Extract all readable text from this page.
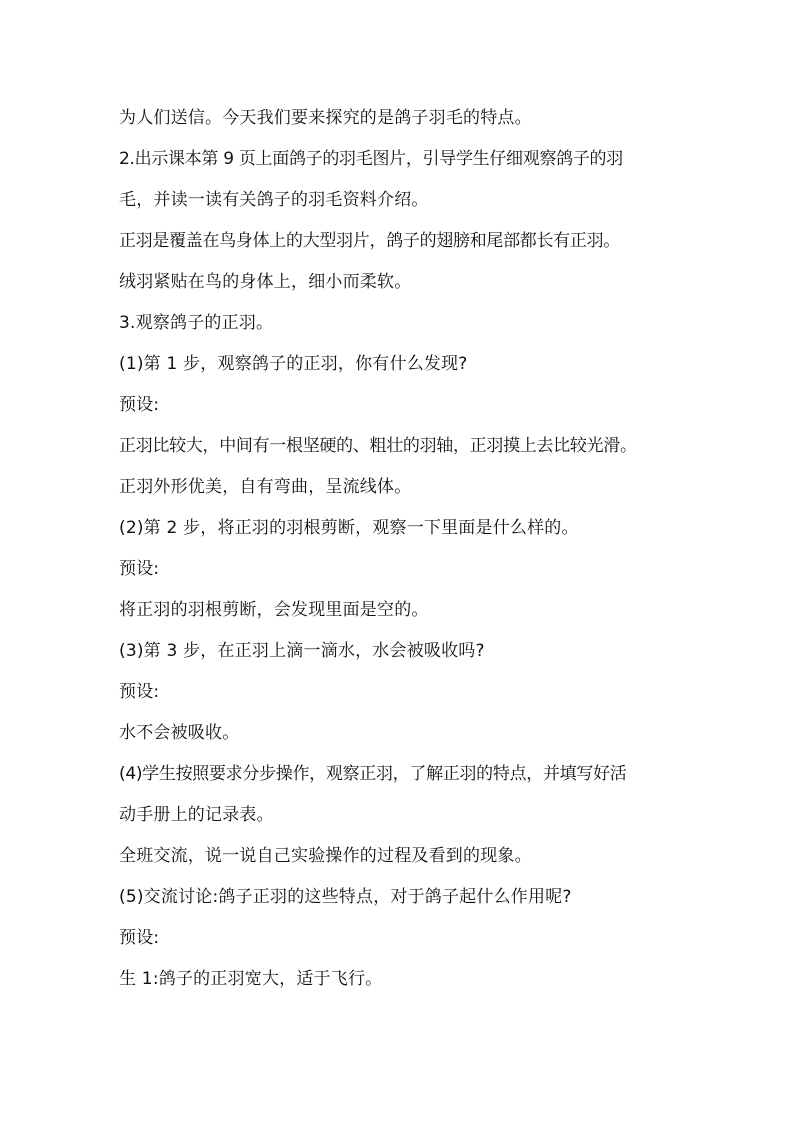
为人们送信。今天我们要来探究的是鸽子羽毛的特点。
2.出示课本第 9 页上面鸽子的羽毛图片，引导学生仔细观察鸽子的羽
毛，并读一读有关鸽子的羽毛资料介绍。
正羽是覆盖在鸟身体上的大型羽片，鸽子的翅膀和尾部都长有正羽。
绒羽紧贴在鸟的身体上，细小而柔软。
3.观察鸽子的正羽。
(1)第 1 步，观察鸽子的正羽，你有什么发现?
预设:
正羽比较大，中间有一根坚硬的、粗壮的羽轴，正羽摸上去比较光滑。
正羽外形优美，自有弯曲，呈流线体。
(2)第 2 步，将正羽的羽根剪断，观察一下里面是什么样的。
预设:
将正羽的羽根剪断，会发现里面是空的。
(3)第 3 步，在正羽上滴一滴水，水会被吸收吗?
预设:
水不会被吸收。
(4)学生按照要求分步操作，观察正羽，了解正羽的特点，并填写好活
动手册上的记录表。
全班交流，说一说自己实验操作的过程及看到的现象。
(5)交流讨论:鸽子正羽的这些特点，对于鸽子起什么作用呢?
预设:
生 1:鸽子的正羽宽大，适于飞行。
